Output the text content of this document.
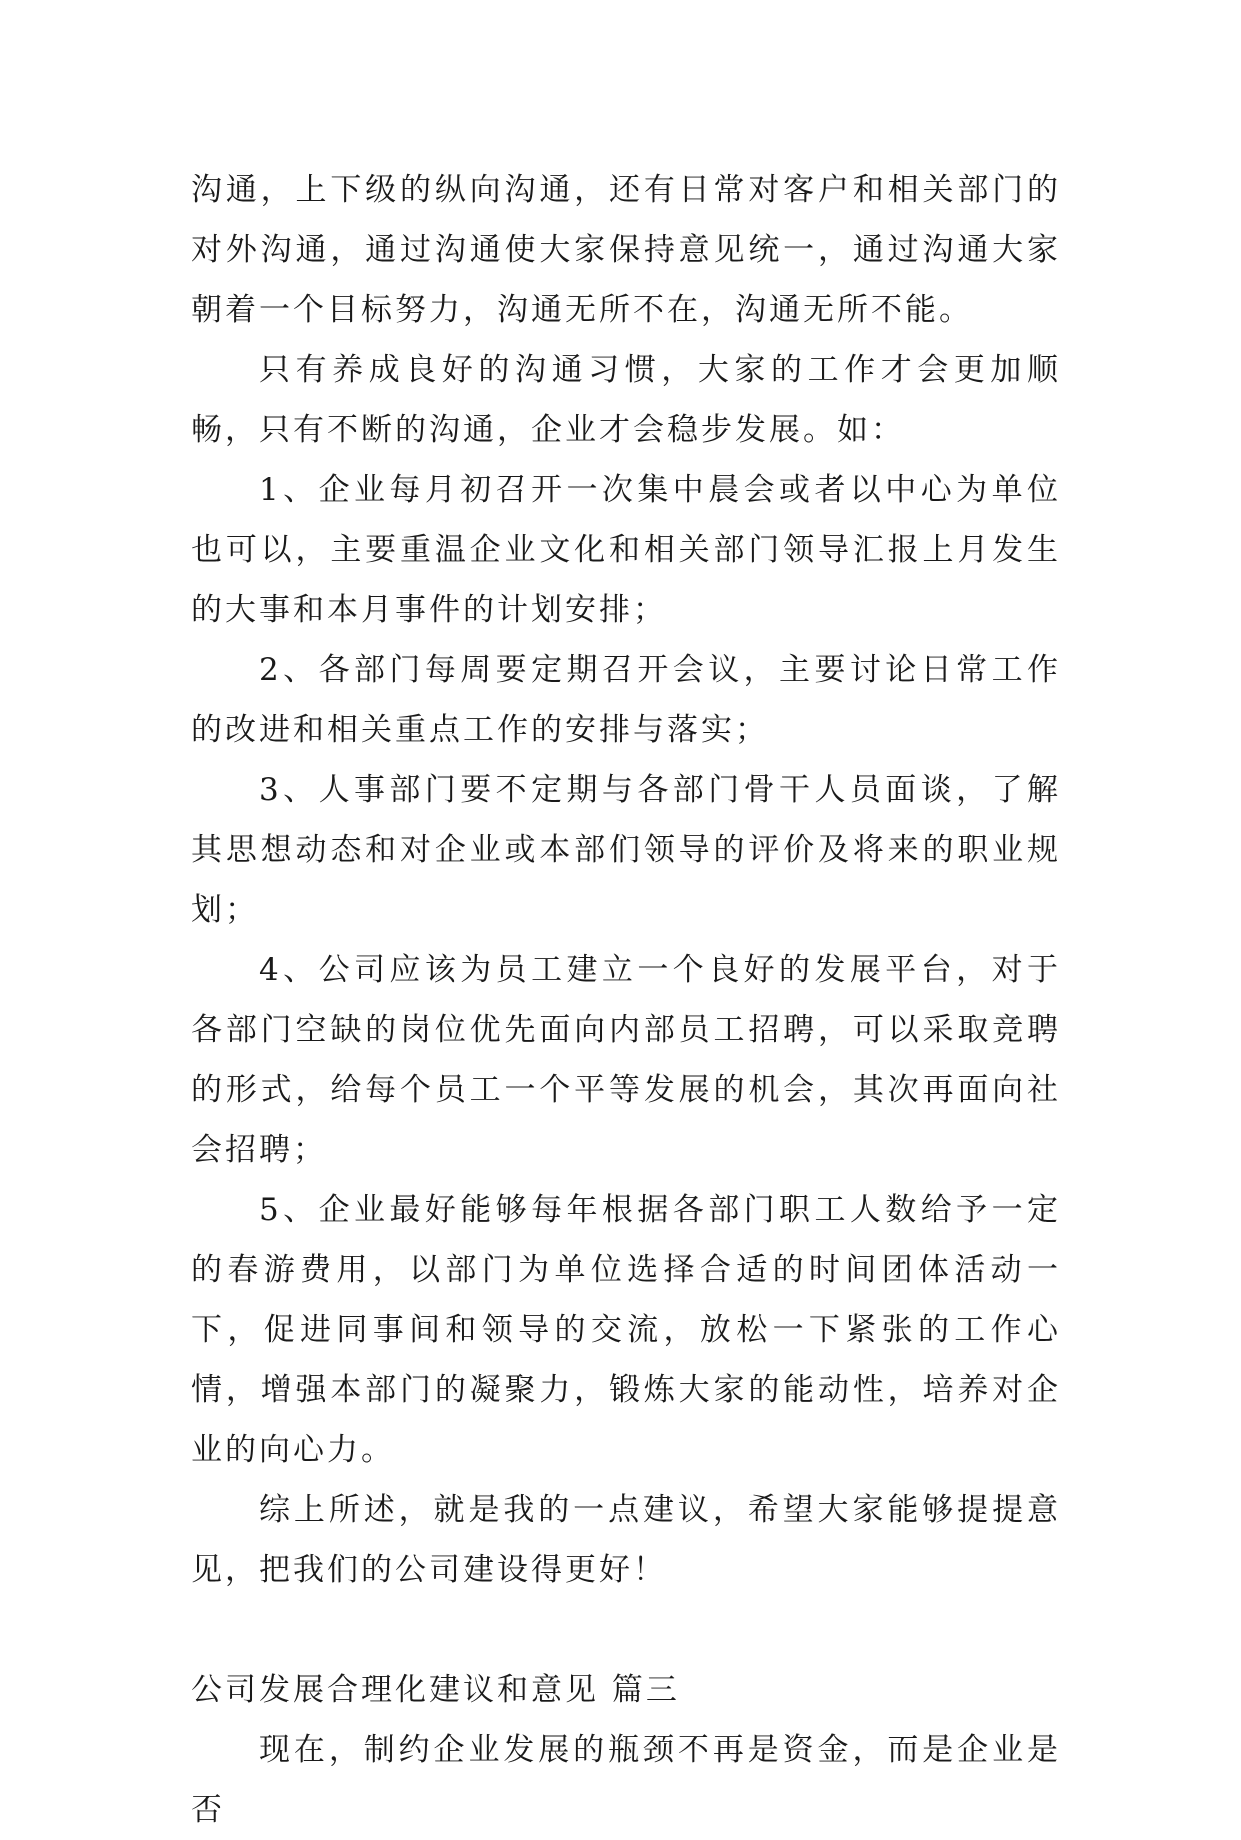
沟通，上下级的纵向沟通，还有日常对客户和相关部门的对外沟通，通过沟通使大家保持意见统一，通过沟通大家朝着一个目标努力，沟通无所不在，沟通无所不能。

只有养成良好的沟通习惯，大家的工作才会更加顺畅，只有不断的沟通，企业才会稳步发展。如：

1、企业每月初召开一次集中晨会或者以中心为单位也可以，主要重温企业文化和相关部门领导汇报上月发生的大事和本月事件的计划安排；

2、各部门每周要定期召开会议，主要讨论日常工作的改进和相关重点工作的安排与落实；

3、人事部门要不定期与各部门骨干人员面谈，了解其思想动态和对企业或本部们领导的评价及将来的职业规划；

4、公司应该为员工建立一个良好的发展平台，对于各部门空缺的岗位优先面向内部员工招聘，可以采取竞聘的形式，给每个员工一个平等发展的机会，其次再面向社会招聘；

5、企业最好能够每年根据各部门职工人数给予一定的春游费用，以部门为单位选择合适的时间团体活动一下，促进同事间和领导的交流，放松一下紧张的工作心情，增强本部门的凝聚力，锻炼大家的能动性，培养对企业的向心力。

综上所述，就是我的一点建议，希望大家能够提提意见，把我们的公司建设得更好！

公司发展合理化建议和意见 篇三

现在，制约企业发展的瓶颈不再是资金，而是企业是否
